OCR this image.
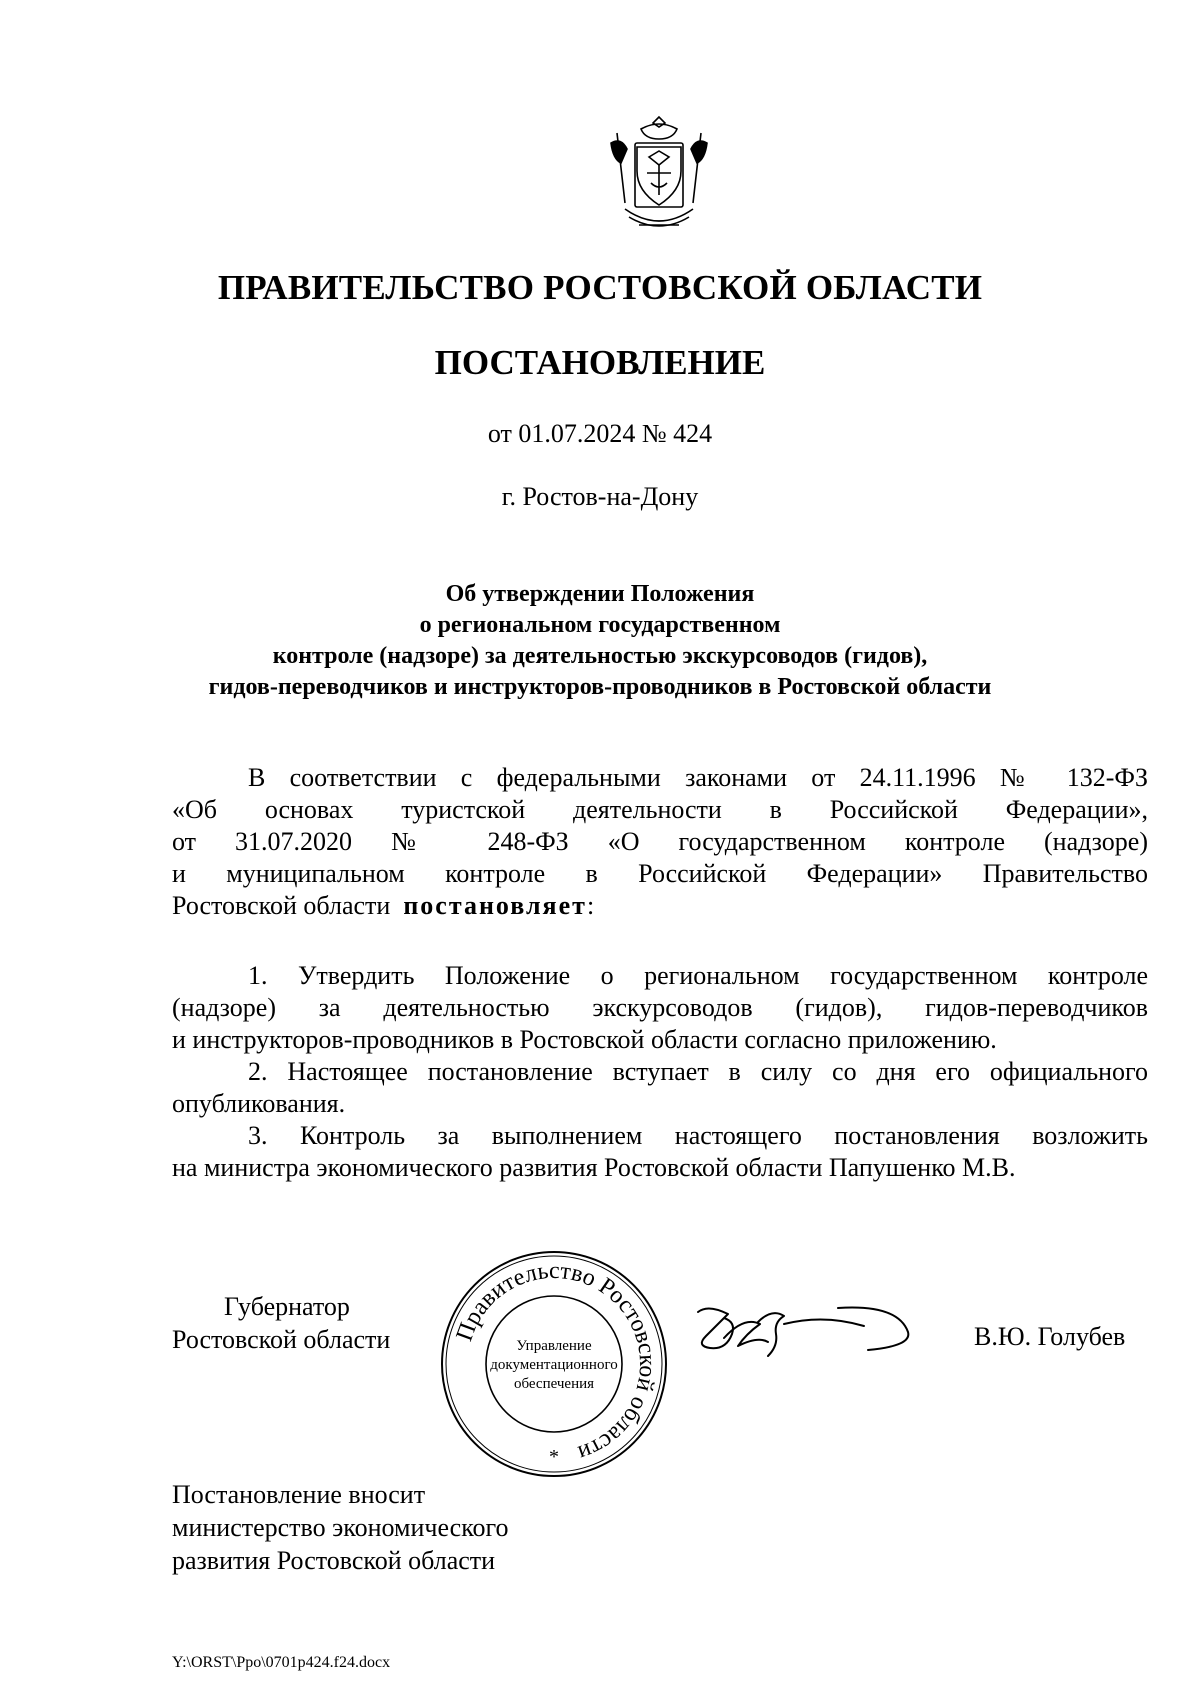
ПРАВИТЕЛЬСТВО РОСТОВСКОЙ ОБЛАСТИ
ПОСТАНОВЛЕНИЕ
от 01.07.2024 № 424
г. Ростов-на-Дону
Об утверждении Положения
о региональном государственном
контроле (надзоре) за деятельностью экскурсоводов (гидов),
гидов-переводчиков и инструкторов-проводников в Ростовской области
В соответствии с федеральными законами от 24.11.1996 № 132-ФЗ
«Об основах туристской деятельности в Российской Федерации»,
от 31.07.2020 № 248-ФЗ «О государственном контроле (надзоре)
и муниципальном контроле в Российской Федерации» Правительство
Ростовской области постановляет:
1. Утвердить Положение о региональном государственном контроле
(надзоре) за деятельностью экскурсоводов (гидов), гидов-переводчиков
и инструкторов-проводников в Ростовской области согласно приложению.
2. Настоящее постановление вступает в силу со дня его официального
опубликования.
3. Контроль за выполнением настоящего постановления возложить
на министра экономического развития Ростовской области Папушенко М.В.
Губернатор
Ростовской области	Правительство Ростовской области
Управление
документационного
обеспечения
*
В.Ю. Голубев
Постановление вносит
министерство экономического
развития Ростовской области
Y:\ORST\Ppo\0701p424.f24.docx
